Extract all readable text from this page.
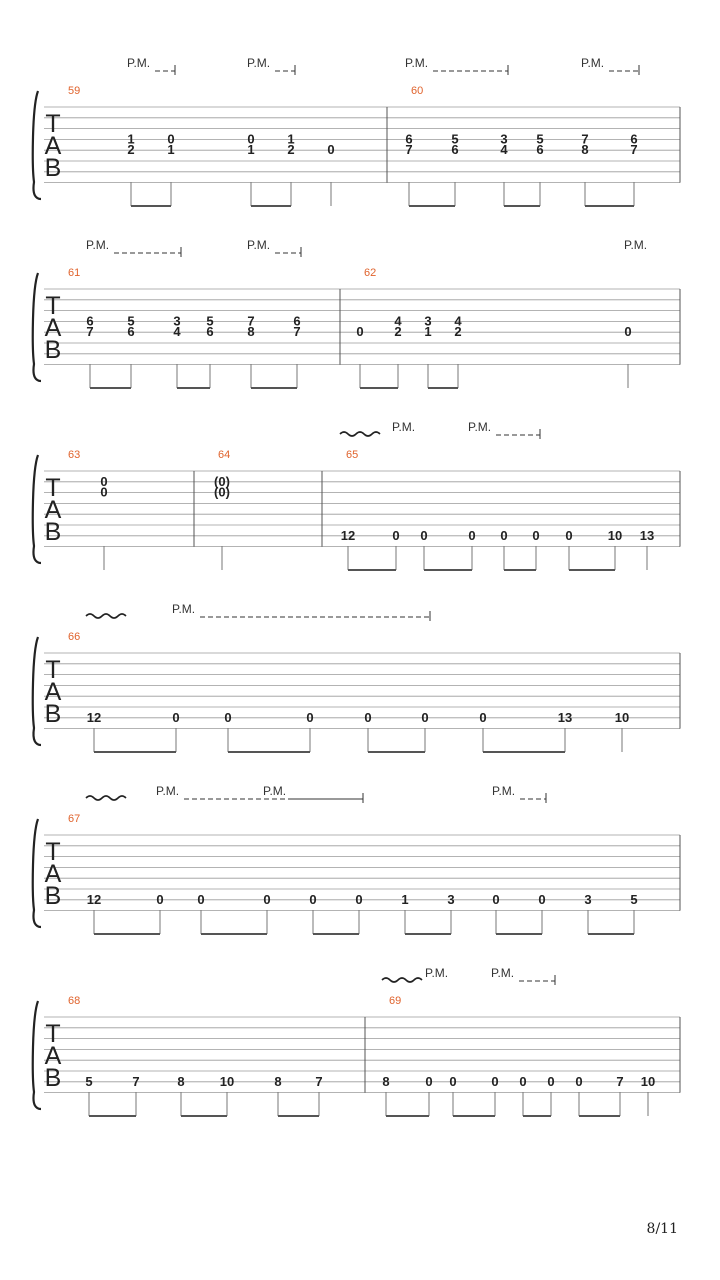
T
A
B
59
1
2
0
1
0
1
1
2	0
P.M.	P.M.
60
6
7
5
6
3
4
5
6
7
8
6
7
P.M.	P.M.
T
A
B
61
6
7
5
6
3
4
5
6
7
8
6
7
P.M.	P.M.
62
0
4
2
3
1
4
2	0
P.M.
T
A
B
63
0
0
64
(0)
(0)
65
12	0 0	0 0 0 0	10 13
P.M.	P.M.
T
A
B
66
12	0	0	0	0	0	0	13	10
P.M.
T
A
B
67
12	0	0	0	0	0	1	3	0	0	3	5
P.M.	P.M.	P.M.
T
A
B
68
5	7	8	10	8	7
69
8	0 0	0 0 0 0	7 10
P.M.	P.M.
8/11
